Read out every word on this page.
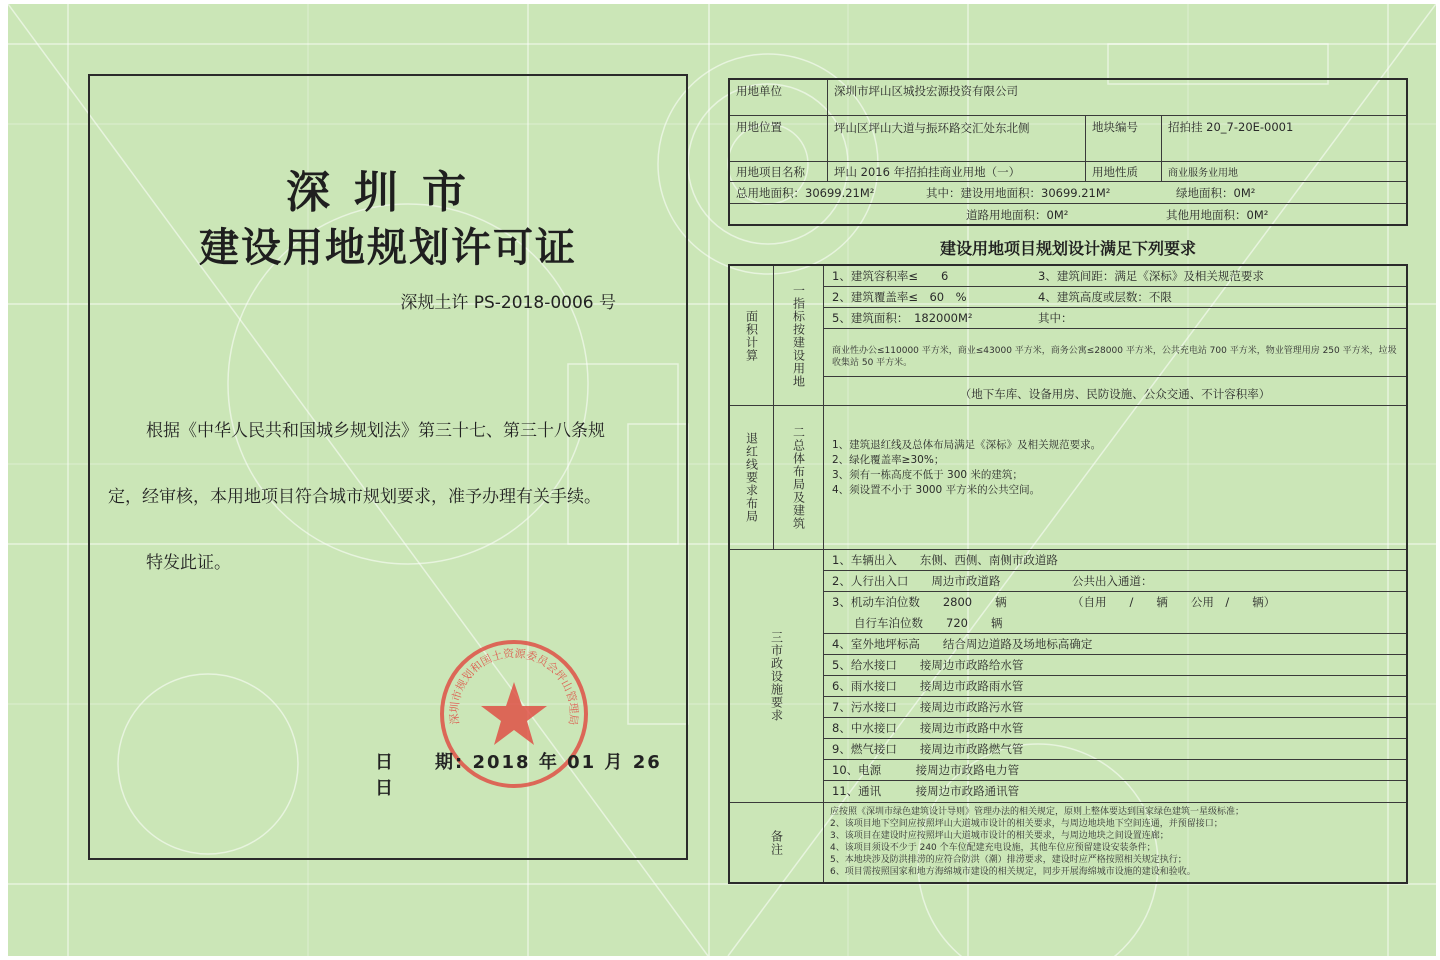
深圳市
建设用地规划许可证
深规土许 PS-2018-0006 号
根据《中华人民共和国城乡规划法》第三十七、第三十八条规
定，经审核，本用地项目符合城市规划要求，准予办理有关手续。
特发此证。
深圳市规划和国土资源委员会坪山管理局
日　　期: 2018 年 01 月 26 日
用地单位	深圳市坪山区城投宏源投资有限公司
用地位置	坪山区坪山大道与振环路交汇处东北侧	地块编号	招拍挂 20_7-20E-0001
用地项目名称	坪山 2016 年招拍挂商业用地（一）	用地性质	商业服务业用地
总用地面积：30699.21M²	其中：建设用地面积：30699.21M²	绿地面积：0M²
道路用地面积：0M²	其他用地面积：0M²
建设用地项目规划设计满足下列要求
面积计算	一指标按建设用地
1、建筑容积率≤　　6	3、建筑间距：满足《深标》及相关规范要求
2、建筑覆盖率≤　60　%	4、建筑高度或层数：不限
5、建筑面积：　182000M²	其中：
商业性办公≤110000 平方米，商业≤43000 平方米，商务公寓≤28000 平方米，公共充电站 700 平方米，物业管理用房 250 平方米，垃圾收集站 50 平方米。
（地下车库、设备用房、民防设施、公众交通、不计容积率）
退红线要求布局	二总体布局及建筑	1、建筑退红线及总体布局满足《深标》及相关规范要求。
2、绿化覆盖率≥30%；
3、须有一栋高度不低于 300 米的建筑；
4、须设置不小于 3000 平方米的公共空间。
三市政设施要求
1、车辆出入　　东侧、西侧、南侧市政道路
2、人行出入口　　周边市政道路	公共出入通道：
3、机动车泊位数　　2800　　辆	（自用　　/　　辆　　公用　/　　辆）
自行车泊位数　　720　　辆
4、室外地坪标高　　结合周边道路及场地标高确定
5、给水接口　　接周边市政路给水管
6、雨水接口　　接周边市政路雨水管
7、污水接口　　接周边市政路污水管
8、中水接口　　接周边市政路中水管
9、燃气接口　　接周边市政路燃气管
10、电源　　　接周边市政路电力管
11、通讯　　　接周边市政路通讯管
备注
应按照《深圳市绿色建筑设计导则》管理办法的相关规定，原则上整体要达到国家绿色建筑一星级标准；
2、该项目地下空间应按照坪山大道城市设计的相关要求，与周边地块地下空间连通，并预留接口；
3、该项目在建设时应按照坪山大道城市设计的相关要求，与周边地块之间设置连廊；
4、该项目须设不少于 240 个车位配建充电设施，其他车位应预留建设安装条件；
5、本地块涉及防洪排涝的应符合防洪（潮）排涝要求，建设时应严格按照相关规定执行；
6、项目需按照国家和地方海绵城市建设的相关规定，同步开展海绵城市设施的建设和验收。
